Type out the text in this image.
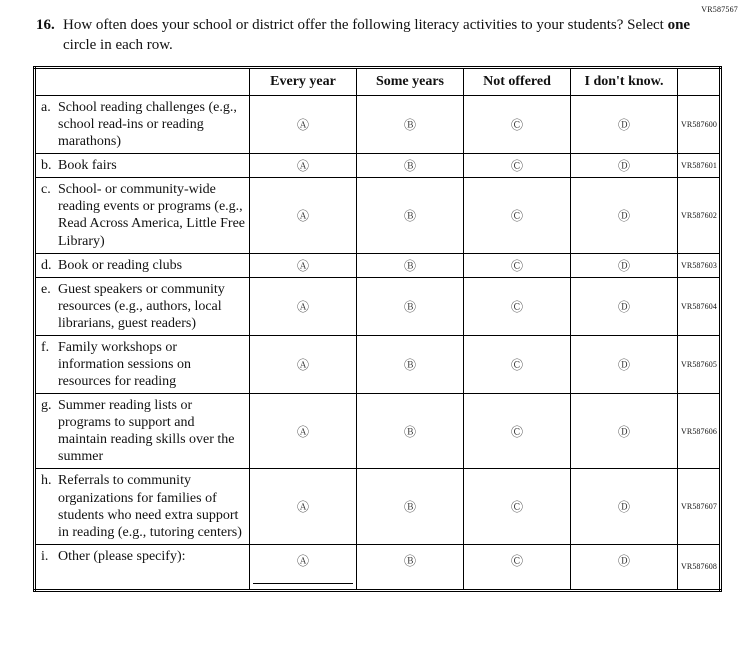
VR587567
16. How often does your school or district offer the following literacy activities to your students? Select one circle in each row.
	Every year	Some years	Not offered	I don't know.	

a. School reading challenges (e.g., school read-ins or reading marathons)	Ⓐ	Ⓑ	Ⓒ	Ⓓ	VR587600

b. Book fairs	Ⓐ	Ⓑ	Ⓒ	Ⓓ	VR587601

c. School- or community-wide reading events or programs (e.g., Read Across America, Little Free Library)	Ⓐ	Ⓑ	Ⓒ	Ⓓ	VR587602

d. Book or reading clubs	Ⓐ	Ⓑ	Ⓒ	Ⓓ	VR587603

e. Guest speakers or community resources (e.g., authors, local librarians, guest readers)	Ⓐ	Ⓑ	Ⓒ	Ⓓ	VR587604

f. Family workshops or information sessions on resources for reading	Ⓐ	Ⓑ	Ⓒ	Ⓓ	VR587605

g. Summer reading lists or programs to support and maintain reading skills over the summer	Ⓐ	Ⓑ	Ⓒ	Ⓓ	VR587606

h. Referrals to community organizations for families of students who need extra support in reading (e.g., tutoring centers)	Ⓐ	Ⓑ	Ⓒ	Ⓓ	VR587607

i. Other (please specify):	Ⓐ	Ⓑ	Ⓒ	Ⓓ	VR587608
